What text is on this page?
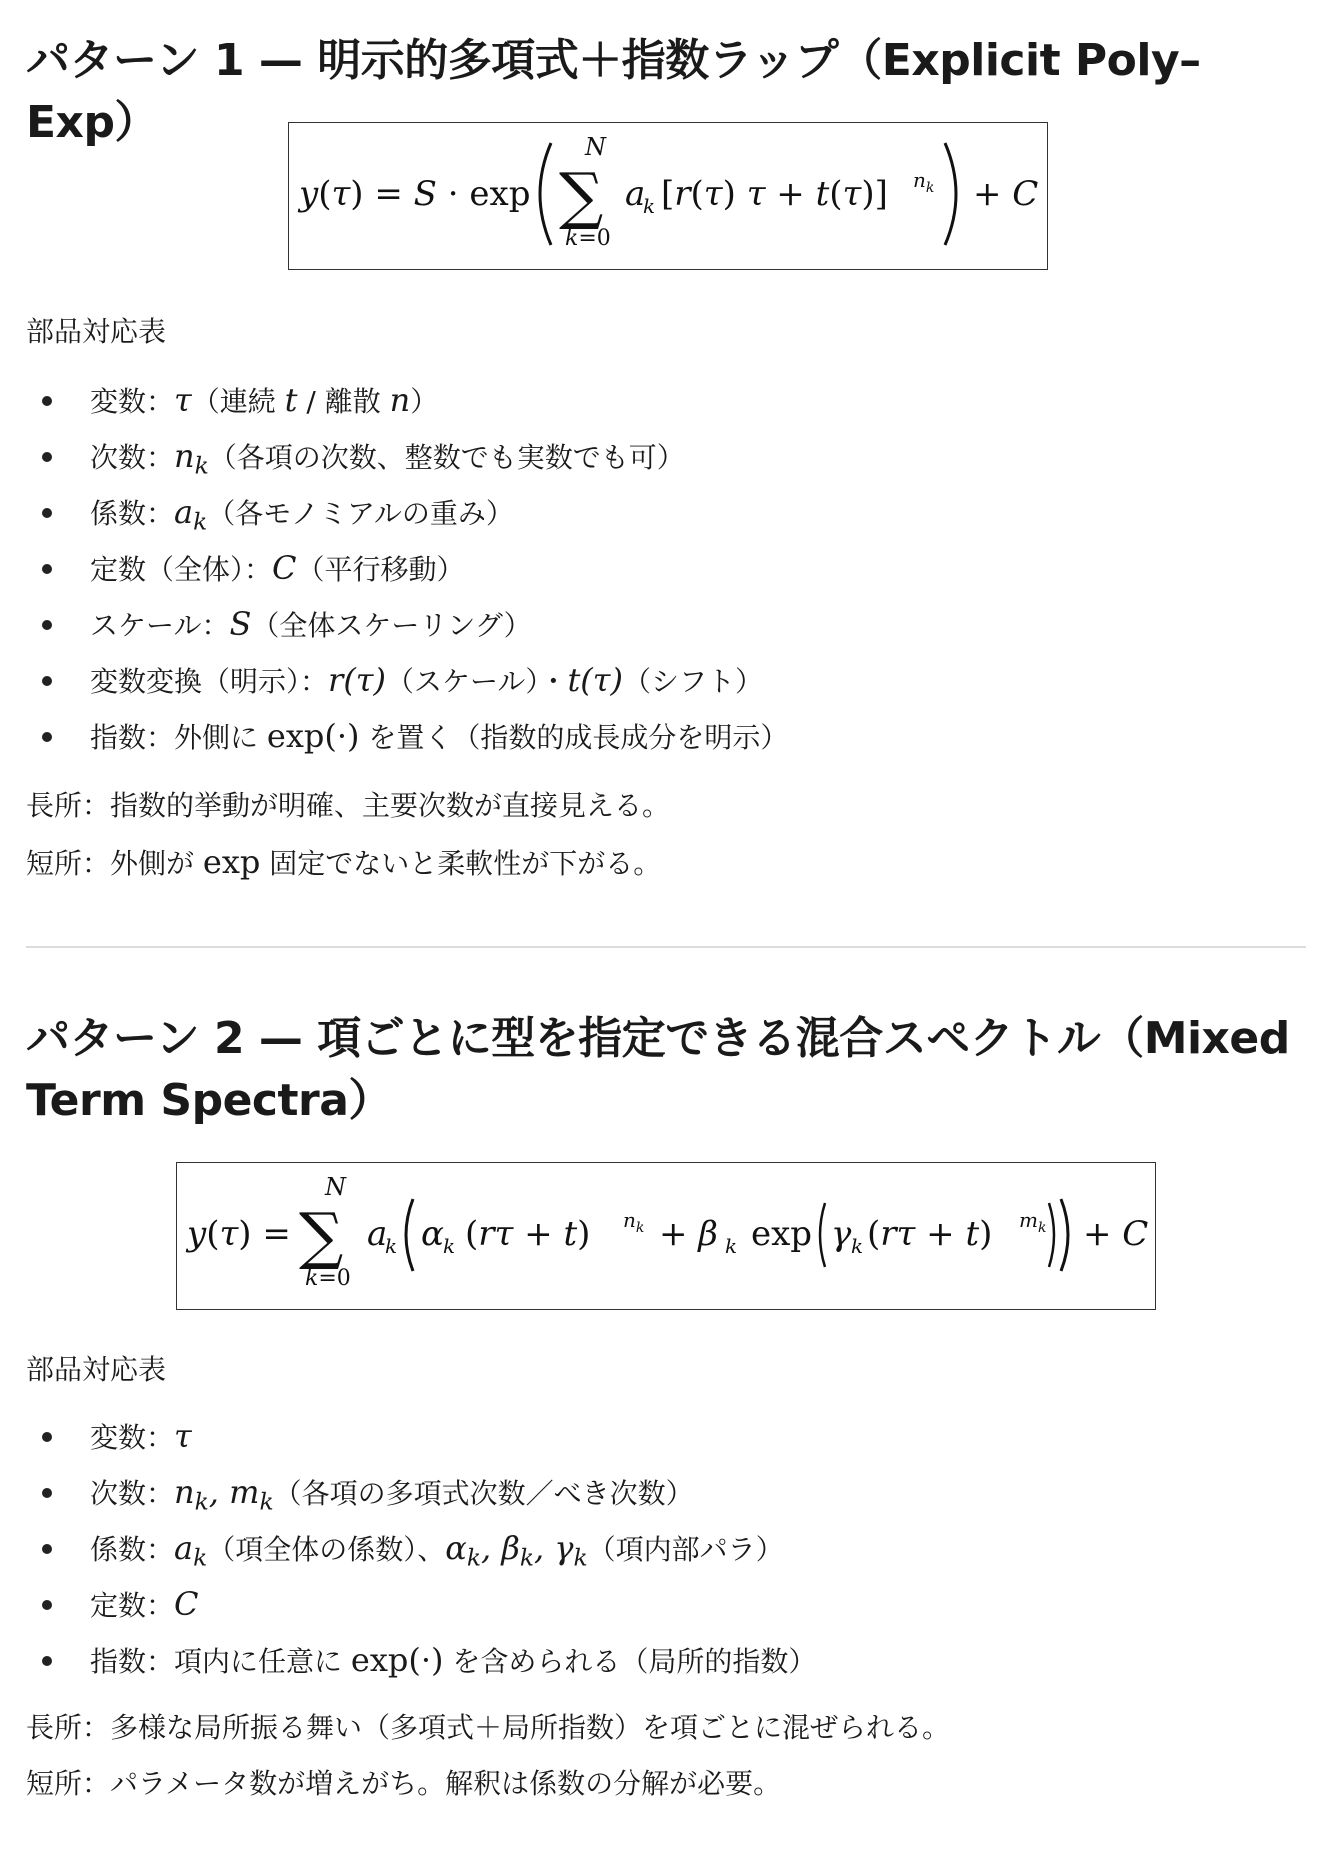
パターン 1 — 明示的多項式＋指数ラップ（Explicit Poly–Exp）
y(τ) = S · exp
N
∑
k=0
a
k [r(τ) τ + t(τ)] $n_k + C$
部品対応表
変数：τ（連続 t / 離散 n）
次数：$n_k$（各項の次数、整数でも実数でも可）
係数：$a_k$（各モノミアルの重み）
定数（全体）：C（平行移動）
スケール：S（全体スケーリング）
変数変換（明示）：r(τ)（スケール）・t(τ)（シフト）
指数：外側に exp(·) を置く（指数的成長成分を明示）
長所：指数的挙動が明確、主要次数が直接見える。
短所：外側が exp 固定でないと柔軟性が下がる。
パターン 2 — 項ごとに型を指定できる混合スペクトル（Mixed Term Spectra）
y(τ) =
N
∑
k=0
a
k α k (rτ + t) $n_k + \beta$ k exp γ k (rτ + t) $m_k + C$
部品対応表
変数：τ
次数：$n_k$, $m_k$（各項の多項式次数／べき次数）
係数：$a_k$（項全体の係数）、$\alpha_k$, $\beta_k$, $\gamma_k$（項内部パラ）
定数：C
指数：項内に任意に exp(·) を含められる（局所的指数）
長所：多様な局所振る舞い（多項式＋局所指数）を項ごとに混ぜられる。
短所：パラメータ数が増えがち。解釈は係数の分解が必要。
